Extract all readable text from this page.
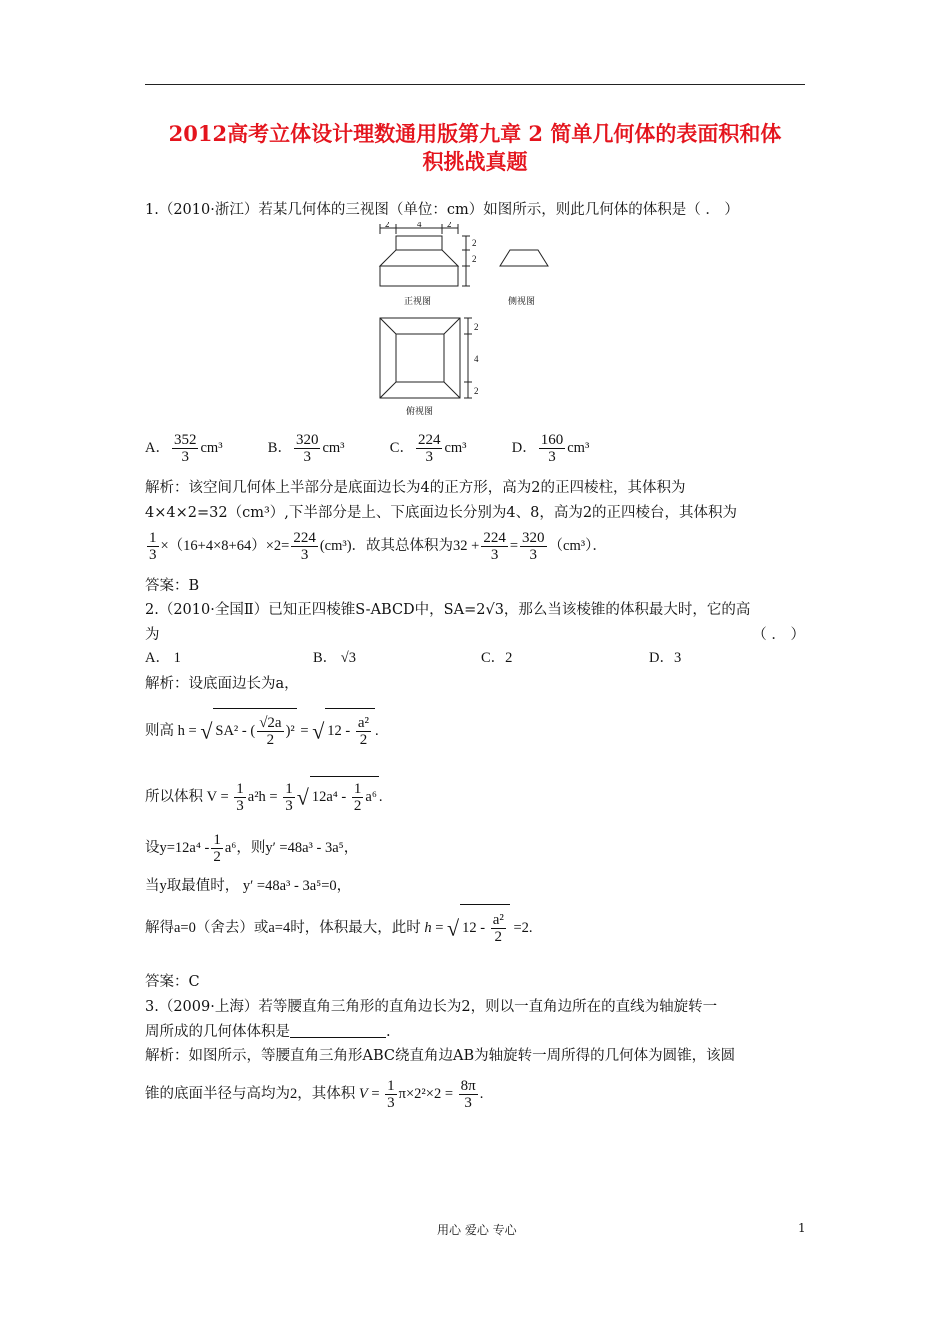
2012高考立体设计理数通用版第九章 2 简单几何体的表面积和体
积挑战真题
1.（2010·浙江）若某几何体的三视图（单位：cm）如图所示，则此几何体的体积是（ ． ）
2	4	2
2
2
2
4
2
正视图	侧视图
俯视图
A． $\frac{352}{3} cm^3$	B． $\frac{320}{3} cm^3$	C． $\frac{224}{3} cm^3$	D． $\frac{160}{3} cm^3$
解析：该空间几何体上半部分是底面边长为4的正方形，高为2的正四棱柱，其体积为
4×4×2=32（cm³）,下半部分是上、下底面边长分别为4、8，高为2的正四棱台，其体积为
$\frac{1}{3} \times(16+4\times 8+64)\times 2= \frac{224}{3} (cm^3)$．故其总体积为$32 + \frac{224}{3} = \frac{320}{3} (cm^3)$．
答案：B
2.（2010·全国Ⅱ）已知正四棱锥S-ABCD中，SA=2√3，那么当该棱锥的体积最大时，它的高
为	（ ． ）
A． 1	B． √3	C．2	D．3
解析：设底面边长为a，
则高 h = √ SA² - ( $\frac{√2a}{2} )^2$ = √ $12 - \frac{\text{a²}}{2}$ .
所以体积 $V = \frac{1}{3} a^2h = \frac{1}{3}$ √ $12a^4 - \frac{1}{2} a^6$ .
设$y=12a^4 - \frac{1}{2} a^6$，则y′ =48a³ - 3a⁵，
当y取最值时， y′ =48a³ - 3a⁵=0，
解得a=0（舍去）或a=4时，体积最大，此时 h = √ $12 - \frac{\text{a²}}{2} =2$.
答案：C
3.（2009·上海）若等腰直角三角形的直角边长为2，则以一直角边所在的直线为轴旋转一
周所成的几何体体积是	.
解析：如图所示，等腰直角三角形ABC绕直角边AB为轴旋转一周所得的几何体为圆锥，该圆
锥的底面半径与高均为2，其体积 $V = \frac{1}{3} \pi\times 2^2\times 2 = \frac{8\pi}{3}$ .
用心 爱心 专心	1
